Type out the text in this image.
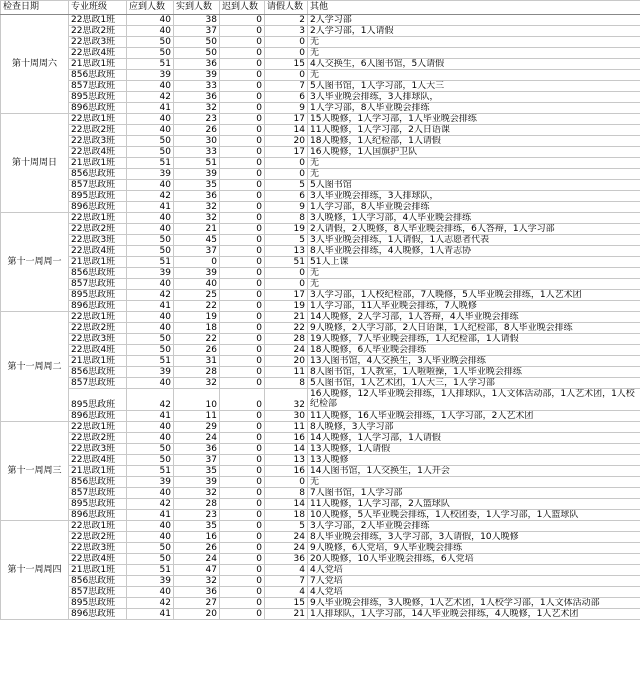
检查日期	专业班级	应到人数	实到人数	迟到人数	请假人数	其他
第十周周六	22思政1班	40	38	0	2	2人学习部
	22思政2班	40	37	0	3	2人学习部，1人请假
	22思政3班	50	50	0	0	无
	22思政4班	50	50	0	0	无
	21思政1班	51	36	0	15	4人交换生，6人图书馆，5人请假
	856思政班	39	39	0	0	无
	857思政班	40	33	0	7	5人图书馆，1人学习部，1人大三
	895思政班	42	36	0	6	3人毕业晚会排练，3人排球队，
	896思政班	41	32	0	9	1人学习部，8人毕业晚会排练
第十周周日	22思政1班	40	23	0	17	15人晚修，1人学习部，1人毕业晚会排练
	22思政2班	40	26	0	14	11人晚修，1人学习部，2人日语课
	22思政3班	50	30	0	20	18人晚修，1人纪检部，1人请假
	22思政4班	50	33	0	17	16人晚修，1人国旗护卫队
	21思政1班	51	51	0	0	无
	856思政班	39	39	0	0	无
	857思政班	40	35	0	5	5人图书馆
	895思政班	42	36	0	6	3人毕业晚会排练，3人排球队，
	896思政班	41	32	0	9	1人学习部，8人毕业晚会排练
第十一周周一	22思政1班	40	32	0	8	3人晚修，1人学习部，4人毕业晚会排练
	22思政2班	40	21	0	19	2人请假，2人晚修，8人毕业晚会排练，6人答辩，1人学习部
	22思政3班	50	45	0	5	3人毕业晚会排练，1人请假，1人志愿者代表
	22思政4班	50	37	0	13	8人毕业晚会排练，4人晚修，1人青志协
	21思政1班	51	0	0	51	51人上课
	856思政班	39	39	0	0	无
	857思政班	40	40	0	0	无
	895思政班	42	25	0	17	3人学习部，1人校纪检部，7人晚修，5人毕业晚会排练，1人艺术团
	896思政班	41	22	0	19	1人学习部，11人毕业晚会排练，7人晚修
第十一周周二	22思政1班	40	19	0	21	14人晚修，2人学习部，1人答辩，4人毕业晚会排练
	22思政2班	40	18	0	22	9人晚修，2人学习部，2人日语课，1人纪检部，8人毕业晚会排练
	22思政3班	50	22	0	28	19人晚修，7人毕业晚会排练，1人纪检部，1人请假
	22思政4班	50	26	0	24	18人晚修，6人毕业晚会排练
	21思政1班	51	31	0	20	13人图书馆，4人交换生，3人毕业晚会排练
	856思政班	39	28	0	11	8人图书馆，1人教室，1人啦啦操，1人毕业晚会排练
	857思政班	40	32	0	8	5人图书馆，1人艺术团，1人大三，1人学习部
	895思政班	42	10	0	32	16人晚修，12人毕业晚会排练，1人排球队，1人文体活动部，1人艺术团，1人校纪检部
	896思政班	41	11	0	30	11人晚修，16人毕业晚会排练，1人学习部，2人艺术团
第十一周周三	22思政1班	40	29	0	11	8人晚修，3人学习部
	22思政2班	40	24	0	16	14人晚修，1人学习部，1人请假
	22思政3班	50	36	0	14	13人晚修，1人请假
	22思政4班	50	37	0	13	13人晚修
	21思政1班	51	35	0	16	14人图书馆，1人交换生，1人开会
	856思政班	39	39	0	0	无
	857思政班	40	32	0	8	7人图书馆，1人学习部
	895思政班	42	28	0	14	11人晚修，1人学习部，2人篮球队
	896思政班	41	23	0	18	10人晚修，5人毕业晚会排练，1人校团委，1人学习部，1人篮球队
第十一周周四	22思政1班	40	35	0	5	3人学习部，2人毕业晚会排练
	22思政2班	40	16	0	24	8人毕业晚会排练，3人学习部，3人请假，10人晚修
	22思政3班	50	26	0	24	9人晚修，6人党培，9人毕业晚会排练
	22思政4班	50	24	0	36	20人晚修，10人毕业晚会排练，6人党培
	21思政1班	51	47	0	4	4人党培
	856思政班	39	32	0	7	7人党培
	857思政班	40	36	0	4	4人党培
	895思政班	42	27	0	15	9人毕业晚会排练，3人晚修，1人艺术团，1人校学习部，1人文体活动部
	896思政班	41	20	0	21	1人排球队，1人学习部，14人毕业晚会排练，4人晚修，1人艺术团
